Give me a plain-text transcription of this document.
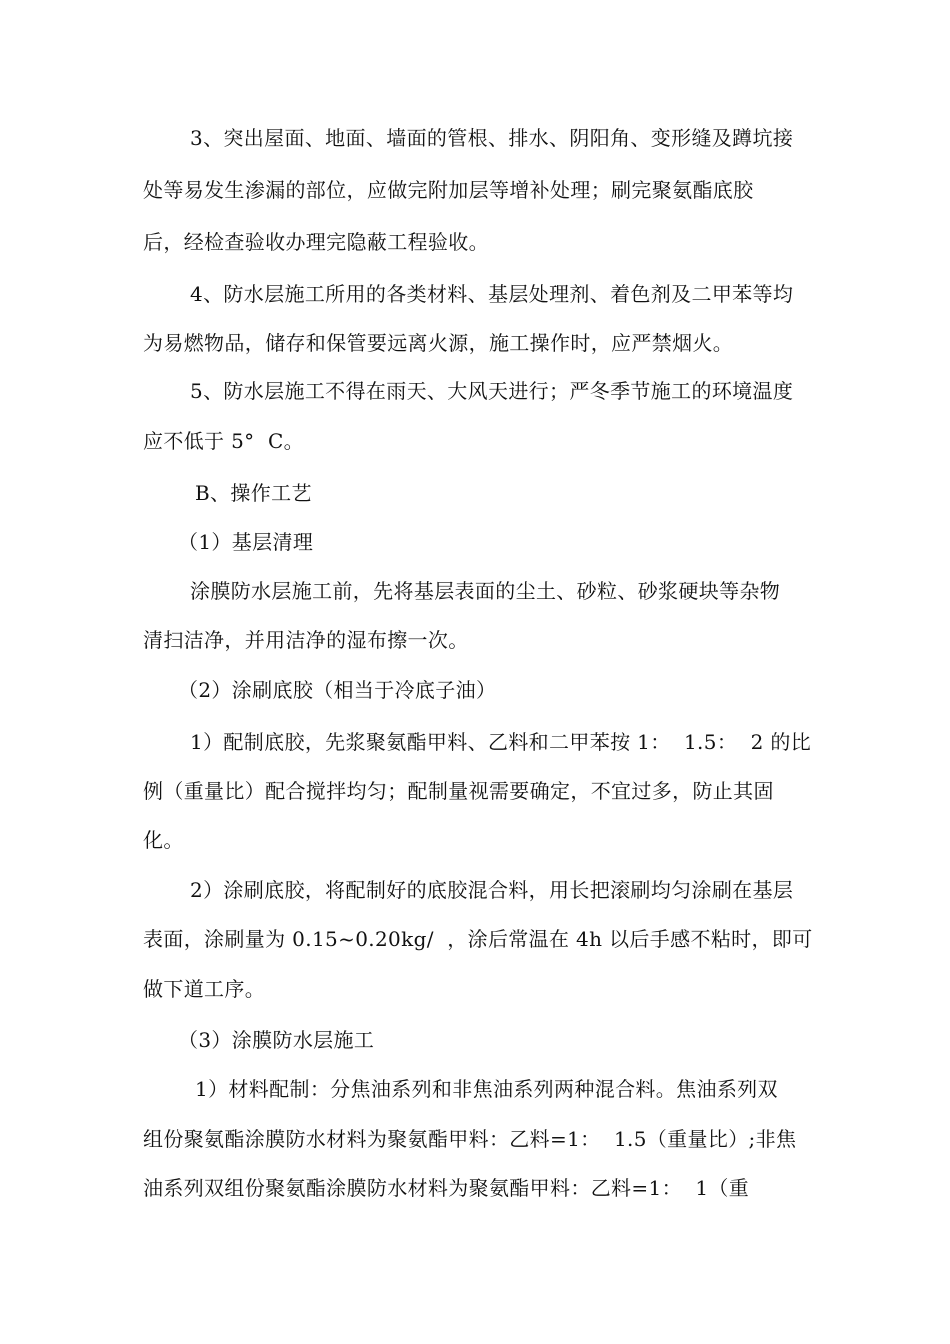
3、突出屋面、地面、墙面的管根、排水、阴阳角、变形缝及蹲坑接
处等易发生渗漏的部位，应做完附加层等增补处理；刷完聚氨酯底胶
后，经检查验收办理完隐蔽工程验收。
4、防水层施工所用的各类材料、基层处理剂、着色剂及二甲苯等均
为易燃物品，储存和保管要远离火源，施工操作时，应严禁烟火。
5、防水层施工不得在雨天、大风天进行；严冬季节施工的环境温度
应不低于 5°  C。
B、操作工艺
（1）基层清理
涂膜防水层施工前，先将基层表面的尘土、砂粒、砂浆硬块等杂物
清扫洁净，并用洁净的湿布擦一次。
（2）涂刷底胶（相当于冷底子油）
1）配制底胶，先浆聚氨酯甲料、乙料和二甲苯按 1：  1.5：  2 的比
例（重量比）配合搅拌均匀；配制量视需要确定，不宜过多，防止其固
化。
2）涂刷底胶，将配制好的底胶混合料，用长把滚刷均匀涂刷在基层
表面，涂刷量为 0.15~0.20kg/  ，涂后常温在 4h 以后手感不粘时，即可
做下道工序。
（3）涂膜防水层施工
1）材料配制：分焦油系列和非焦油系列两种混合料。焦油系列双
组份聚氨酯涂膜防水材料为聚氨酯甲料：乙料=1：  1.5（重量比）;非焦
油系列双组份聚氨酯涂膜防水材料为聚氨酯甲料：乙料=1：  1（重
